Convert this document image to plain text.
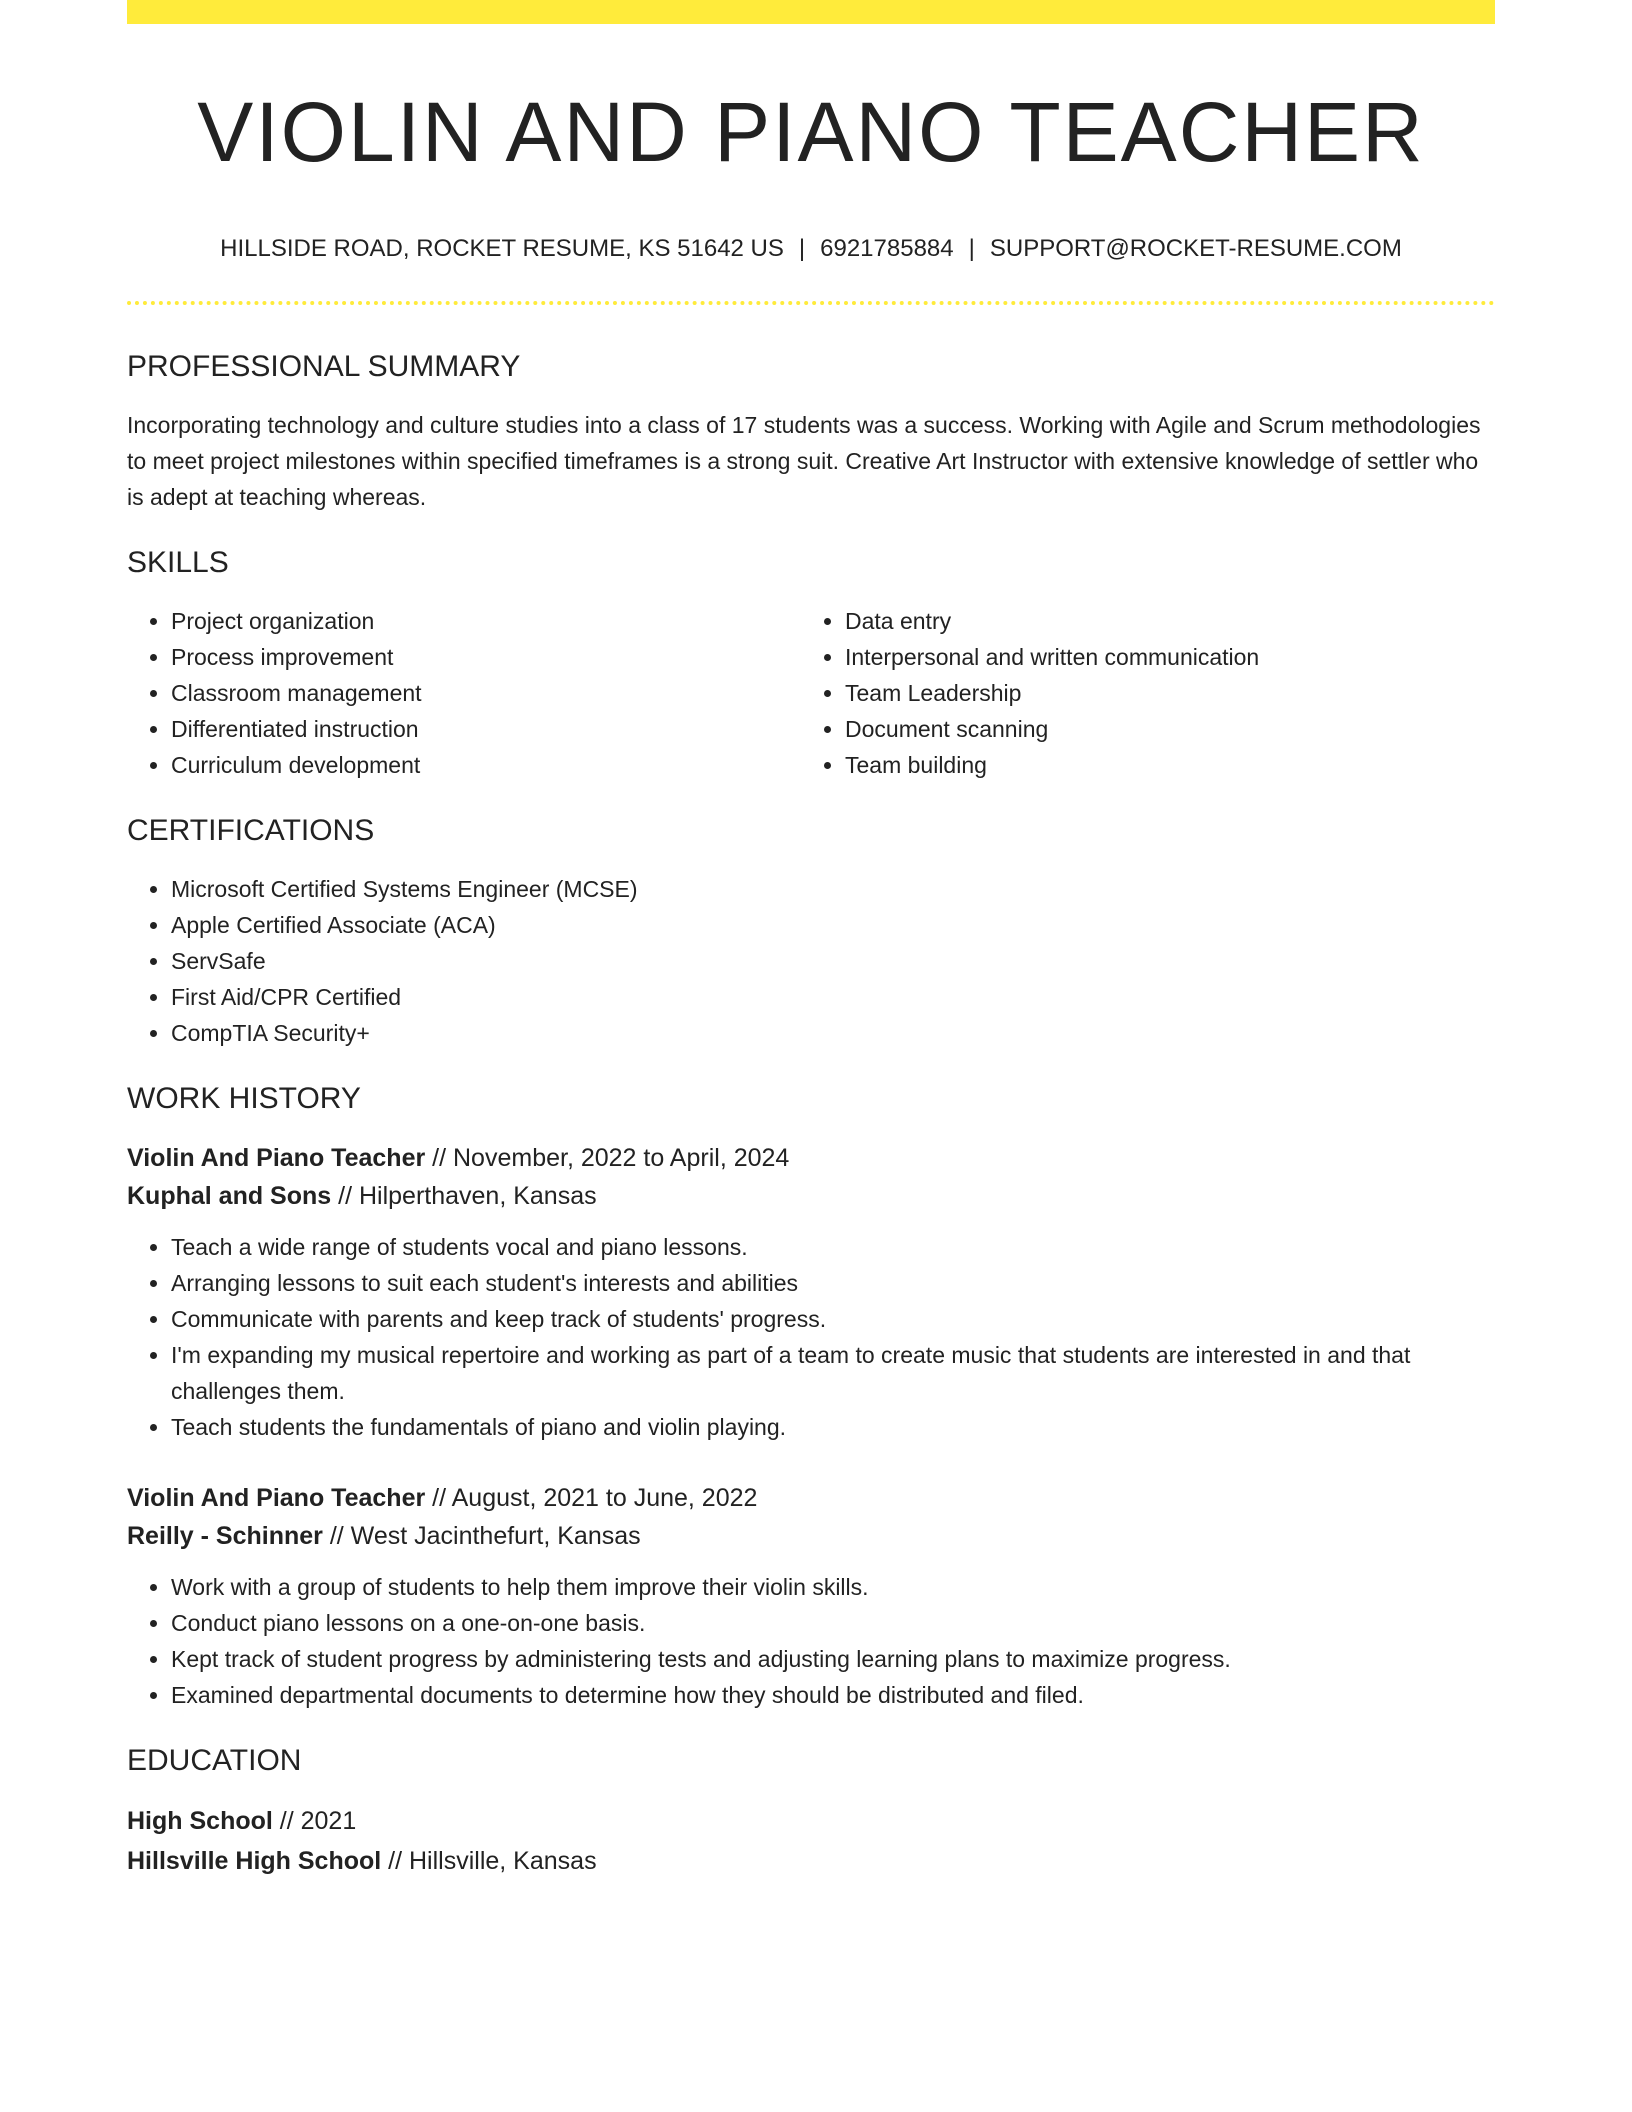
VIOLIN AND PIANO TEACHER
HILLSIDE ROAD, ROCKET RESUME, KS 51642 US | 6921785884 | SUPPORT@ROCKET-RESUME.COM
PROFESSIONAL SUMMARY

Incorporating technology and culture studies into a class of 17 students was a success. Working with Agile and Scrum methodologies to meet project milestones within specified timeframes is a strong suit. Creative Art Instructor with extensive knowledge of settler who is adept at teaching whereas.

SKILLS
• Project organization
• Process improvement
• Classroom management
• Differentiated instruction
• Curriculum development
• Data entry
• Interpersonal and written communication
• Team Leadership
• Document scanning
• Team building
CERTIFICATIONS
• Microsoft Certified Systems Engineer (MCSE)
• Apple Certified Associate (ACA)
• ServSafe
• First Aid/CPR Certified
• CompTIA Security+
WORK HISTORY
Violin And Piano Teacher // November, 2022 to April, 2024
Kuphal and Sons // Hilperthaven, Kansas
• Teach a wide range of students vocal and piano lessons.
• Arranging lessons to suit each student's interests and abilities
• Communicate with parents and keep track of students' progress.
• I'm expanding my musical repertoire and working as part of a team to create music that students are interested in and that challenges them.
• Teach students the fundamentals of piano and violin playing.
Violin And Piano Teacher // August, 2021 to June, 2022
Reilly - Schinner // West Jacinthefurt, Kansas
• Work with a group of students to help them improve their violin skills.
• Conduct piano lessons on a one-on-one basis.
• Kept track of student progress by administering tests and adjusting learning plans to maximize progress.
• Examined departmental documents to determine how they should be distributed and filed.
EDUCATION
High School // 2021
Hillsville High School // Hillsville, Kansas
